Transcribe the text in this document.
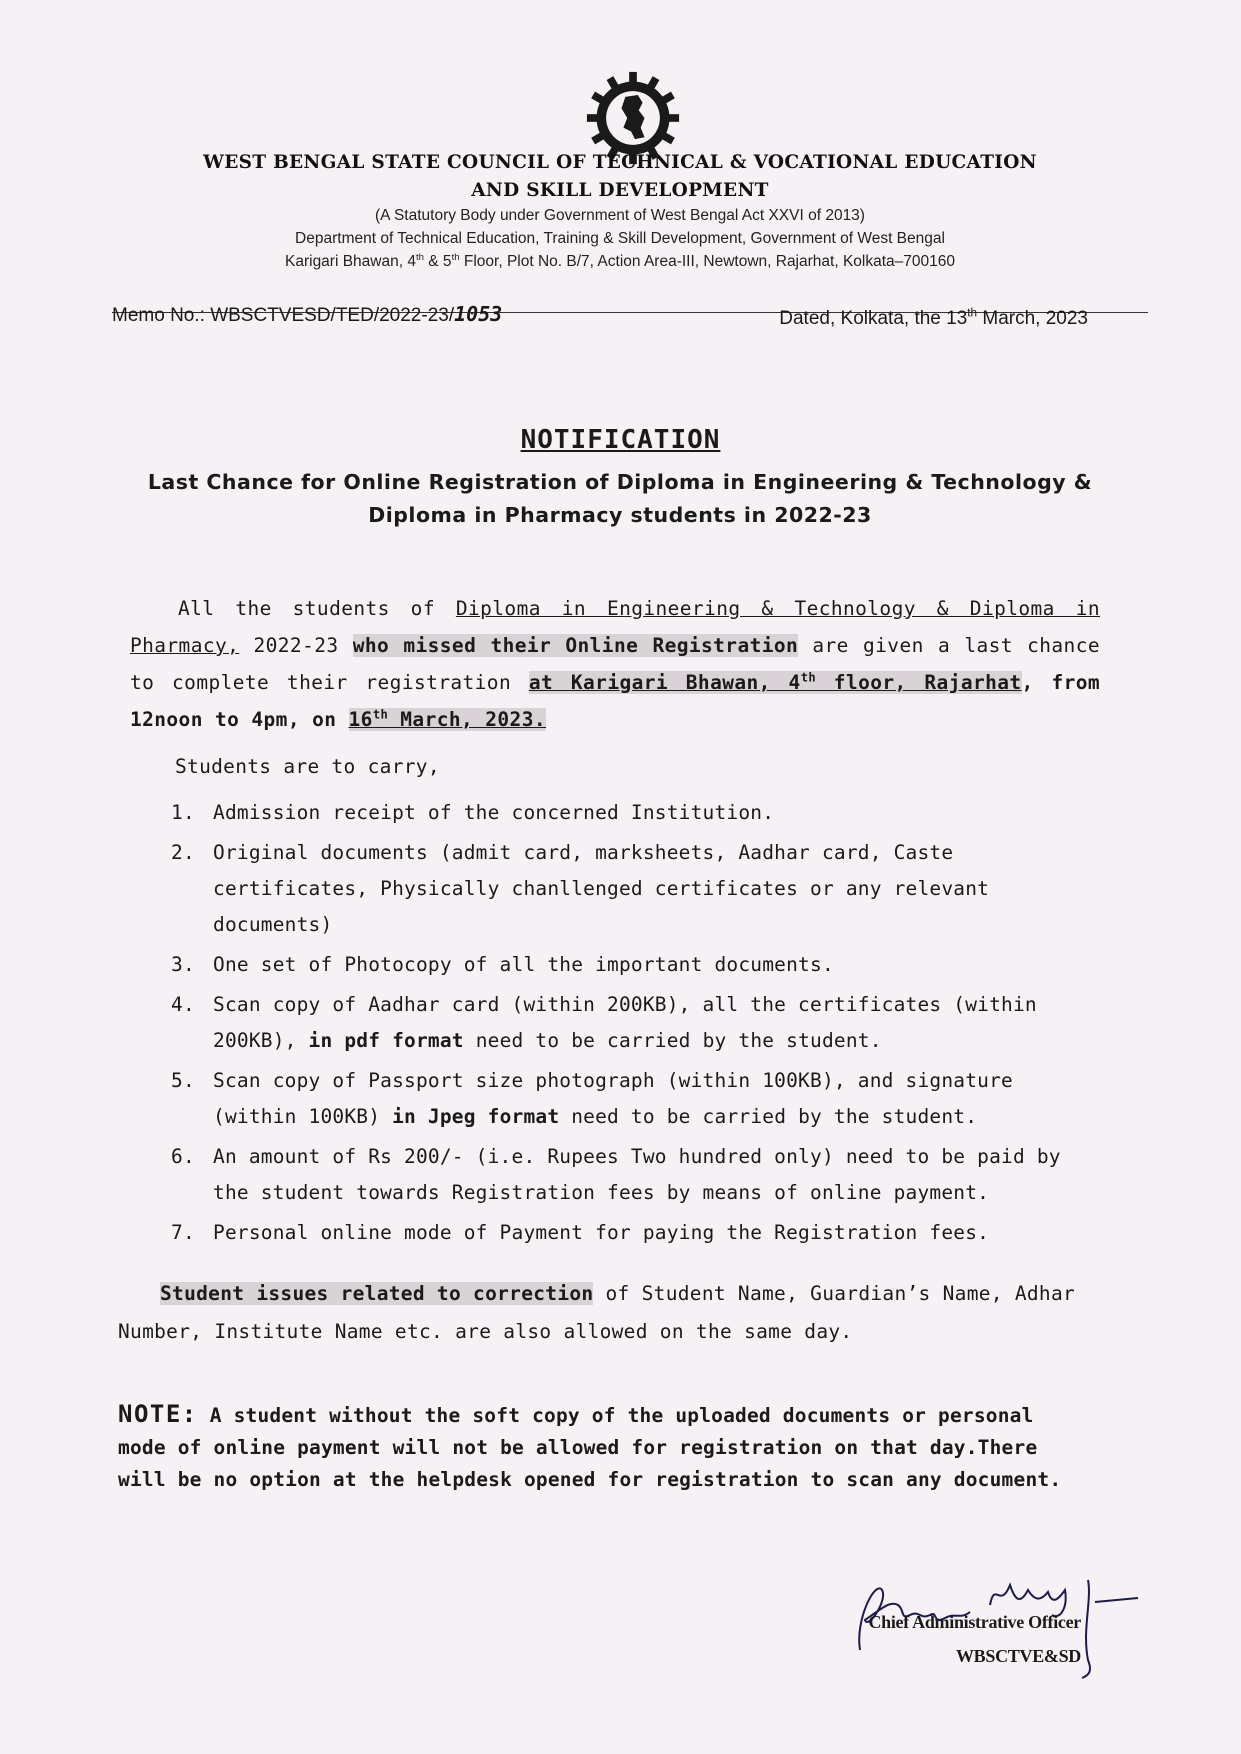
WEST BENGAL STATE COUNCIL OF TECHNICAL & VOCATIONAL EDUCATION
AND SKILL DEVELOPMENT
(A Statutory Body under Government of West Bengal Act XXVI of 2013)
Department of Technical Education, Training & Skill Development, Government of West Bengal
Karigari Bhawan, 4th & 5th Floor, Plot No. B/7, Action Area-III, Newtown, Rajarhat, Kolkata–700160
Memo No.: WBSCTVESD/TED/2022-23/1053	Dated, Kolkata, the 13th March, 2023
NOTIFICATION
Last Chance for Online Registration of Diploma in Engineering & Technology &
Diploma in Pharmacy students in 2022-23
All the students of Diploma in Engineering & Technology & Diploma in Pharmacy, 2022-23 who missed their Online Registration are given a last chance to complete their registration at Karigari Bhawan, 4th floor, Rajarhat, from 12noon to 4pm, on 16th March, 2023.
Students are to carry,
1. Admission receipt of the concerned Institution.
2. Original documents (admit card, marksheets, Aadhar card, Caste certificates, Physically chanllenged certificates or any relevant documents)
3. One set of Photocopy of all the important documents.
4. Scan copy of Aadhar card (within 200KB), all the certificates (within 200KB), in pdf format need to be carried by the student.
5. Scan copy of Passport size photograph (within 100KB), and signature (within 100KB) in Jpeg format need to be carried by the student.
6. An amount of Rs 200/- (i.e. Rupees Two hundred only) need to be paid by the student towards Registration fees by means of online payment.
7. Personal online mode of Payment for paying the Registration fees.
Student issues related to correction of Student Name, Guardian’s Name, Adhar Number, Institute Name etc. are also allowed on the same day.
NOTE: A student without the soft copy of the uploaded documents or personal mode of online payment will not be allowed for registration on that day.There will be no option at the helpdesk opened for registration to scan any document.
Chief Administrative Officer
WBSCTVE&SD
